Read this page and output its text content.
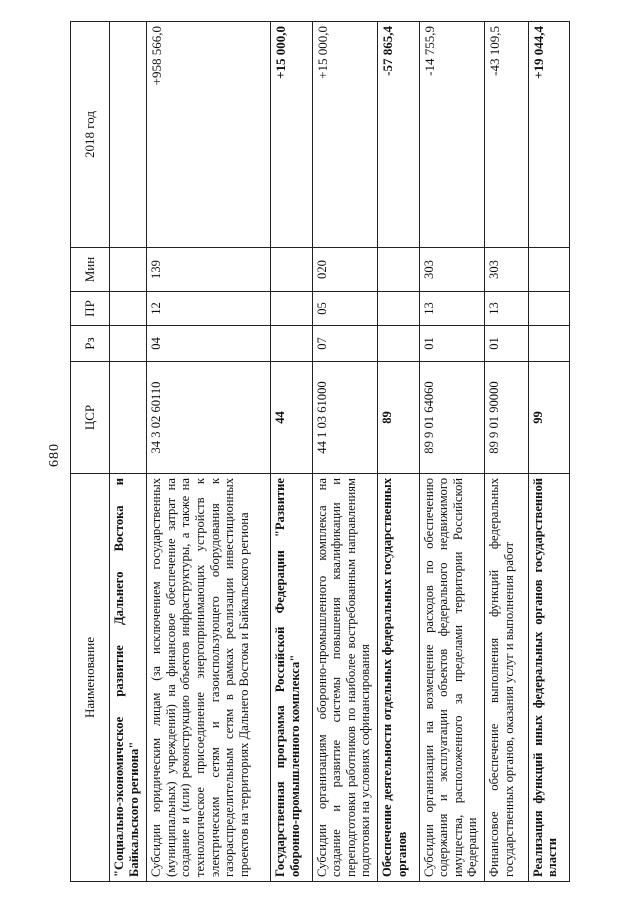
680
Наименование	ЦСР	Рз	ПР	Мин	2018 год
"Социально-экономическое развитие Дальнего Востока и Байкальского региона"					
Субсидии юридическим лицам (за исключением государственных (муниципальных) учреждений) на финансовое обеспечение затрат на создание и (или) реконструкцию объектов инфраструктуры, а также на технологическое присоединение энергопринимающих устройств к электрическим сетям и газоиспользующего оборудования к газораспределительным сетям в рамках реализации инвестиционных проектов на территориях Дальнего Востока и Байкальского региона	34 3 02 60110	04	12	139	+958 566,0
Государственная программа Российской Федерации "Развитие оборонно-промышленного комплекса"	44				+15 000,0
Субсидии организациям оборонно-промышленного комплекса на создание и развитие системы повышения квалификации и переподготовки работников по наиболее востребованным направлениям подготовки на условиях софинансирования	44 1 03 61000	07	05	020	+15 000,0
Обеспечение деятельности отдельных федеральных государственных органов	89				-57 865,4
Субсидии организации на возмещение расходов по обеспечению содержания и эксплуатации объектов федерального недвижимого имущества, расположенного за пределами территории Российской Федерации	89 9 01 64060	01	13	303	-14 755,9
Финансовое обеспечение выполнения функций федеральных государственных органов, оказания услуг и выполнения работ	89 9 01 90000	01	13	303	-43 109,5
Реализация функций иных федеральных органов государственной власти	99				+19 044,4
